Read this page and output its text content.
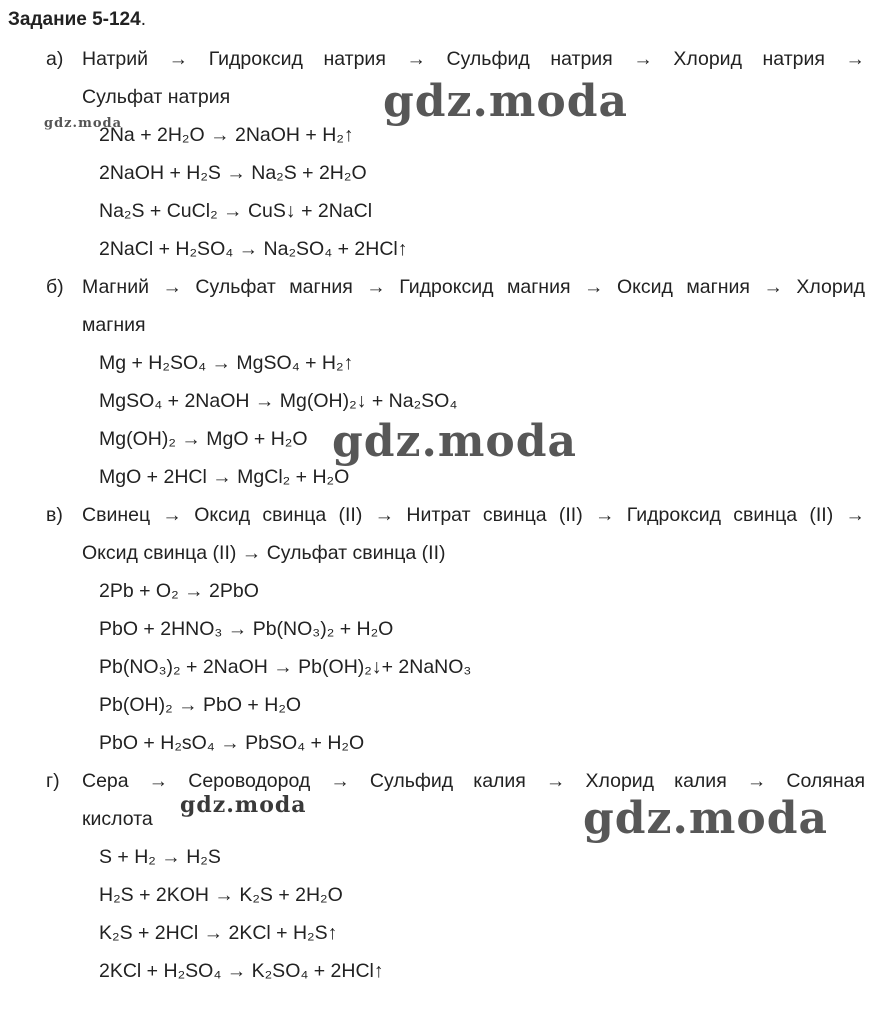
Задание 5-124.
а) Натрий → Гидроксид натрия → Сульфид натрия → Хлорид натрия →
Сульфат натрия
2Na + 2H₂O → 2NaOH + H₂↑
2NaOH + H₂S → Na₂S + 2H₂O
Na₂S + CuCl₂ → CuS↓ + 2NaCl
2NaCl + H₂SO₄ → Na₂SO₄ + 2HCl↑
б) Магний → Сульфат магния → Гидроксид магния → Оксид магния → Хлорид
магния
Mg + H₂SO₄ → MgSO₄ + H₂↑
MgSO₄ + 2NaOH → Mg(OH)₂↓ + Na₂SO₄
Mg(OH)₂ → MgO + H₂O
MgO + 2HCl → MgCl₂ + H₂O
в) Свинец → Оксид свинца (II) → Нитрат свинца (II) → Гидроксид свинца (II) →
Оксид свинца (II) → Сульфат свинца (II)
2Pb + O₂ → 2PbO
PbO + 2HNO₃ → Pb(NO₃)₂ + H₂O
Pb(NO₃)₂ + 2NaOH → Pb(OH)₂↓+ 2NaNO₃
Pb(OH)₂ → PbO + H₂O
PbO + H₂sO₄ → PbSO₄ + H₂O
г) Сера → Сероводород → Сульфид калия → Хлорид калия → Соляная
кислота
S + H₂ → H₂S
H₂S + 2KOH → K₂S + 2H₂O
K₂S + 2HCl → 2KCl + H₂S↑
2KCl + H₂SO₄ → K₂SO₄ + 2HCl↑
gdz.moda
gdz.moda
gdz.moda
gdz.moda	gdz.moda
